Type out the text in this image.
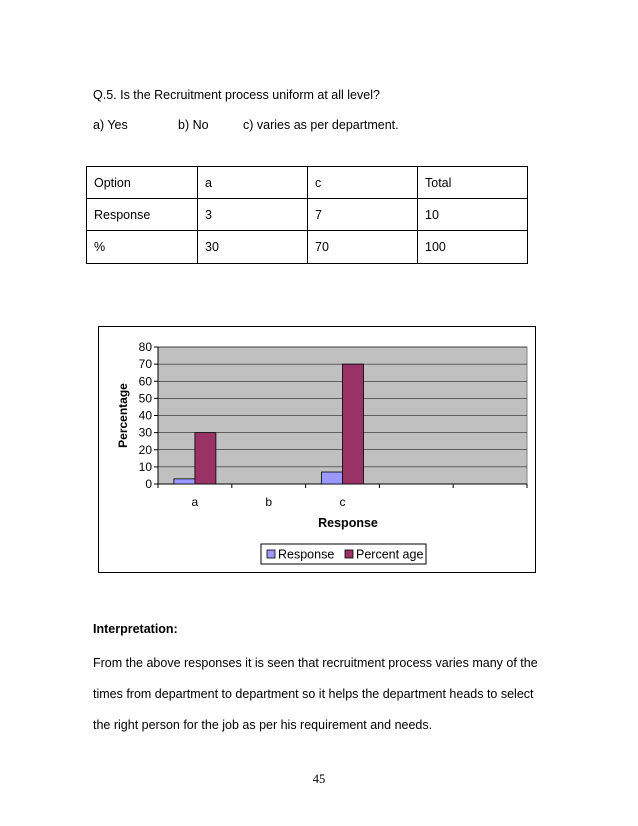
Q.5. Is the Recruitment process uniform at all level?
a) Yes	b) No	c) varies as per department.
Option	a	c	Total
Response	3	7	10
%	30	70	100
0
10
20
30
40
50
60
70
80
a	b	c
Percentage
Response
Response Percent age
Interpretation:
From the above responses it is seen that recruitment process varies many of the times from department to department so it helps the department heads to select the right person for the job as per his requirement and needs.
45
